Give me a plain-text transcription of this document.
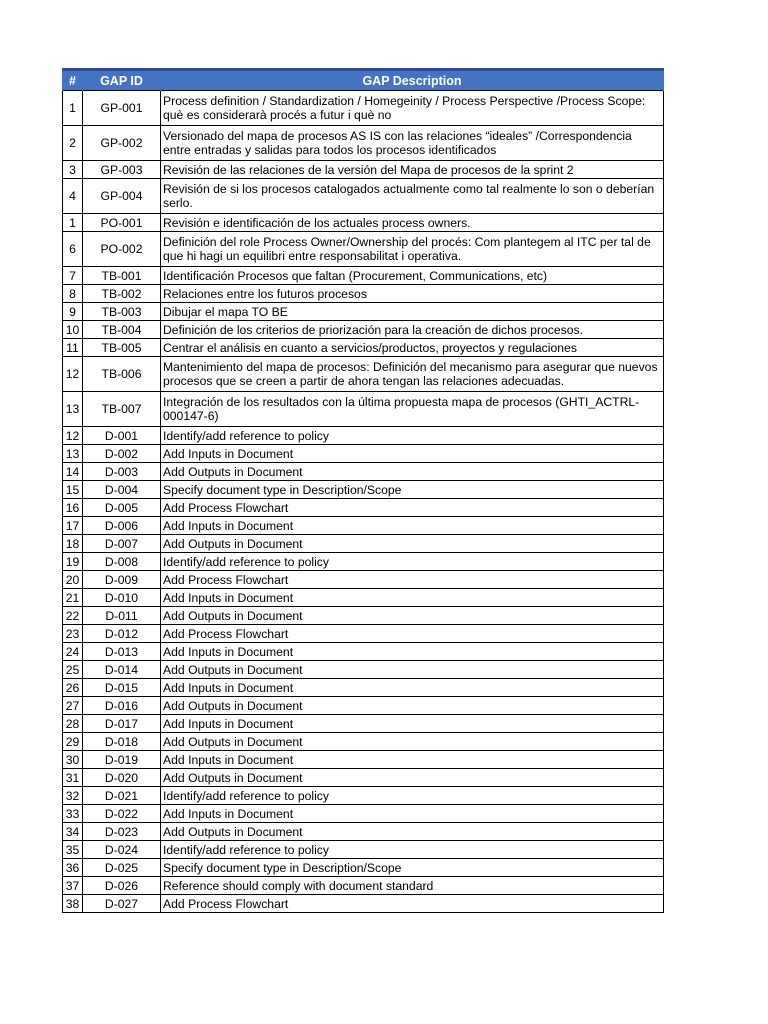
#	GAP ID	GAP Description
1	GP-001	Process definition / Standardization / Homegeinity / Process Perspective /Process Scope: què es considerarà procés a futur i què no
2	GP-002	Versionado del mapa de procesos AS IS con las relaciones “ideales” /Correspondencia entre entradas y salidas para todos los procesos identificados
3	GP-003	Revisión de las relaciones de la versión del Mapa de procesos de la sprint 2
4	GP-004	Revisión de si los procesos catalogados actualmente como tal realmente lo son o deberían serlo.
1	PO-001	Revisión e identificación de los actuales process owners.
6	PO-002	Definición del role Process Owner/Ownership del procés: Com plantegem al ITC per tal de que hi hagi un equilibri entre responsabilitat i operativa.
7	TB-001	Identificación Procesos que faltan (Procurement, Communications, etc)
8	TB-002	Relaciones entre los futuros procesos
9	TB-003	Dibujar el mapa TO BE
10	TB-004	Definición de los criterios de priorización para la creación de dichos procesos.
11	TB-005	Centrar el análisis en cuanto a servicios/productos, proyectos y regulaciones
12	TB-006	Mantenimiento del mapa de procesos: Definición del mecanismo para asegurar que nuevos procesos que se creen a partir de ahora tengan las relaciones adecuadas.
13	TB-007	Integración de los resultados con la última propuesta mapa de procesos (GHTI_ACTRL-000147-6)
12	D-001	Identify/add reference to policy
13	D-002	Add Inputs in Document
14	D-003	Add Outputs in Document
15	D-004	Specify document type in Description/Scope
16	D-005	Add Process Flowchart
17	D-006	Add Inputs in Document
18	D-007	Add Outputs in Document
19	D-008	Identify/add reference to policy
20	D-009	Add Process Flowchart
21	D-010	Add Inputs in Document
22	D-011	Add Outputs in Document
23	D-012	Add Process Flowchart
24	D-013	Add Inputs in Document
25	D-014	Add Outputs in Document
26	D-015	Add Inputs in Document
27	D-016	Add Outputs in Document
28	D-017	Add Inputs in Document
29	D-018	Add Outputs in Document
30	D-019	Add Inputs in Document
31	D-020	Add Outputs in Document
32	D-021	Identify/add reference to policy
33	D-022	Add Inputs in Document
34	D-023	Add Outputs in Document
35	D-024	Identify/add reference to policy
36	D-025	Specify document type in Description/Scope
37	D-026	Reference should comply with document standard
38	D-027	Add Process Flowchart
